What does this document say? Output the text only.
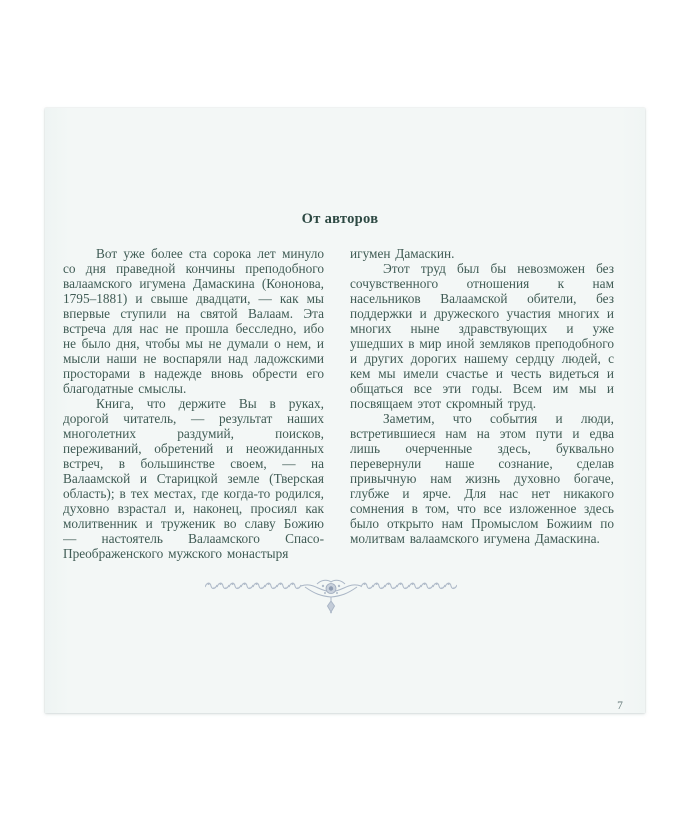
От авторов

Вот уже более ста сорока лет минуло со дня праведной кончины преподобного валаамского игумена Дамаскина (Кононова, 1795–1881) и свыше двадцати, — как мы впервые ступили на святой Валаам. Эта встреча для нас не прошла бесследно, ибо не было дня, чтобы мы не думали о нем, и мысли наши не воспаряли над ладожскими просторами в надежде вновь обрести его благодатные смыслы.

Книга, что держите Вы в руках, дорогой читатель, — результат наших многолетних раздумий, поисков, переживаний, обретений и неожиданных встреч, в большинстве своем, — на Валаамской и Старицкой земле (Тверская область); в тех местах, где когда-то родился, духовно взрастал и, наконец, просиял как молитвенник и труженик во славу Божию — настоятель Валаамского Спасо-Преображенского мужского монастыря

игумен Дамаскин.

Этот труд был бы невозможен без сочувственного отношения к нам насельников Валаамской обители, без поддержки и дружеского участия многих и многих ныне здравствующих и уже ушедших в мир иной земляков преподобного и других дорогих нашему сердцу людей, с кем мы имели счастье и честь видеться и общаться все эти годы. Всем им мы и посвящаем этот скромный труд.

Заметим, что события и люди, встретившиеся нам на этом пути и едва лишь очерченные здесь, буквально перевернули наше сознание, сделав привычную нам жизнь духовно богаче, глубже и ярче. Для нас нет никакого сомнения в том, что все изложенное здесь было открыто нам Промыслом Божиим по молитвам валаамского игумена Дамаскина.

7
